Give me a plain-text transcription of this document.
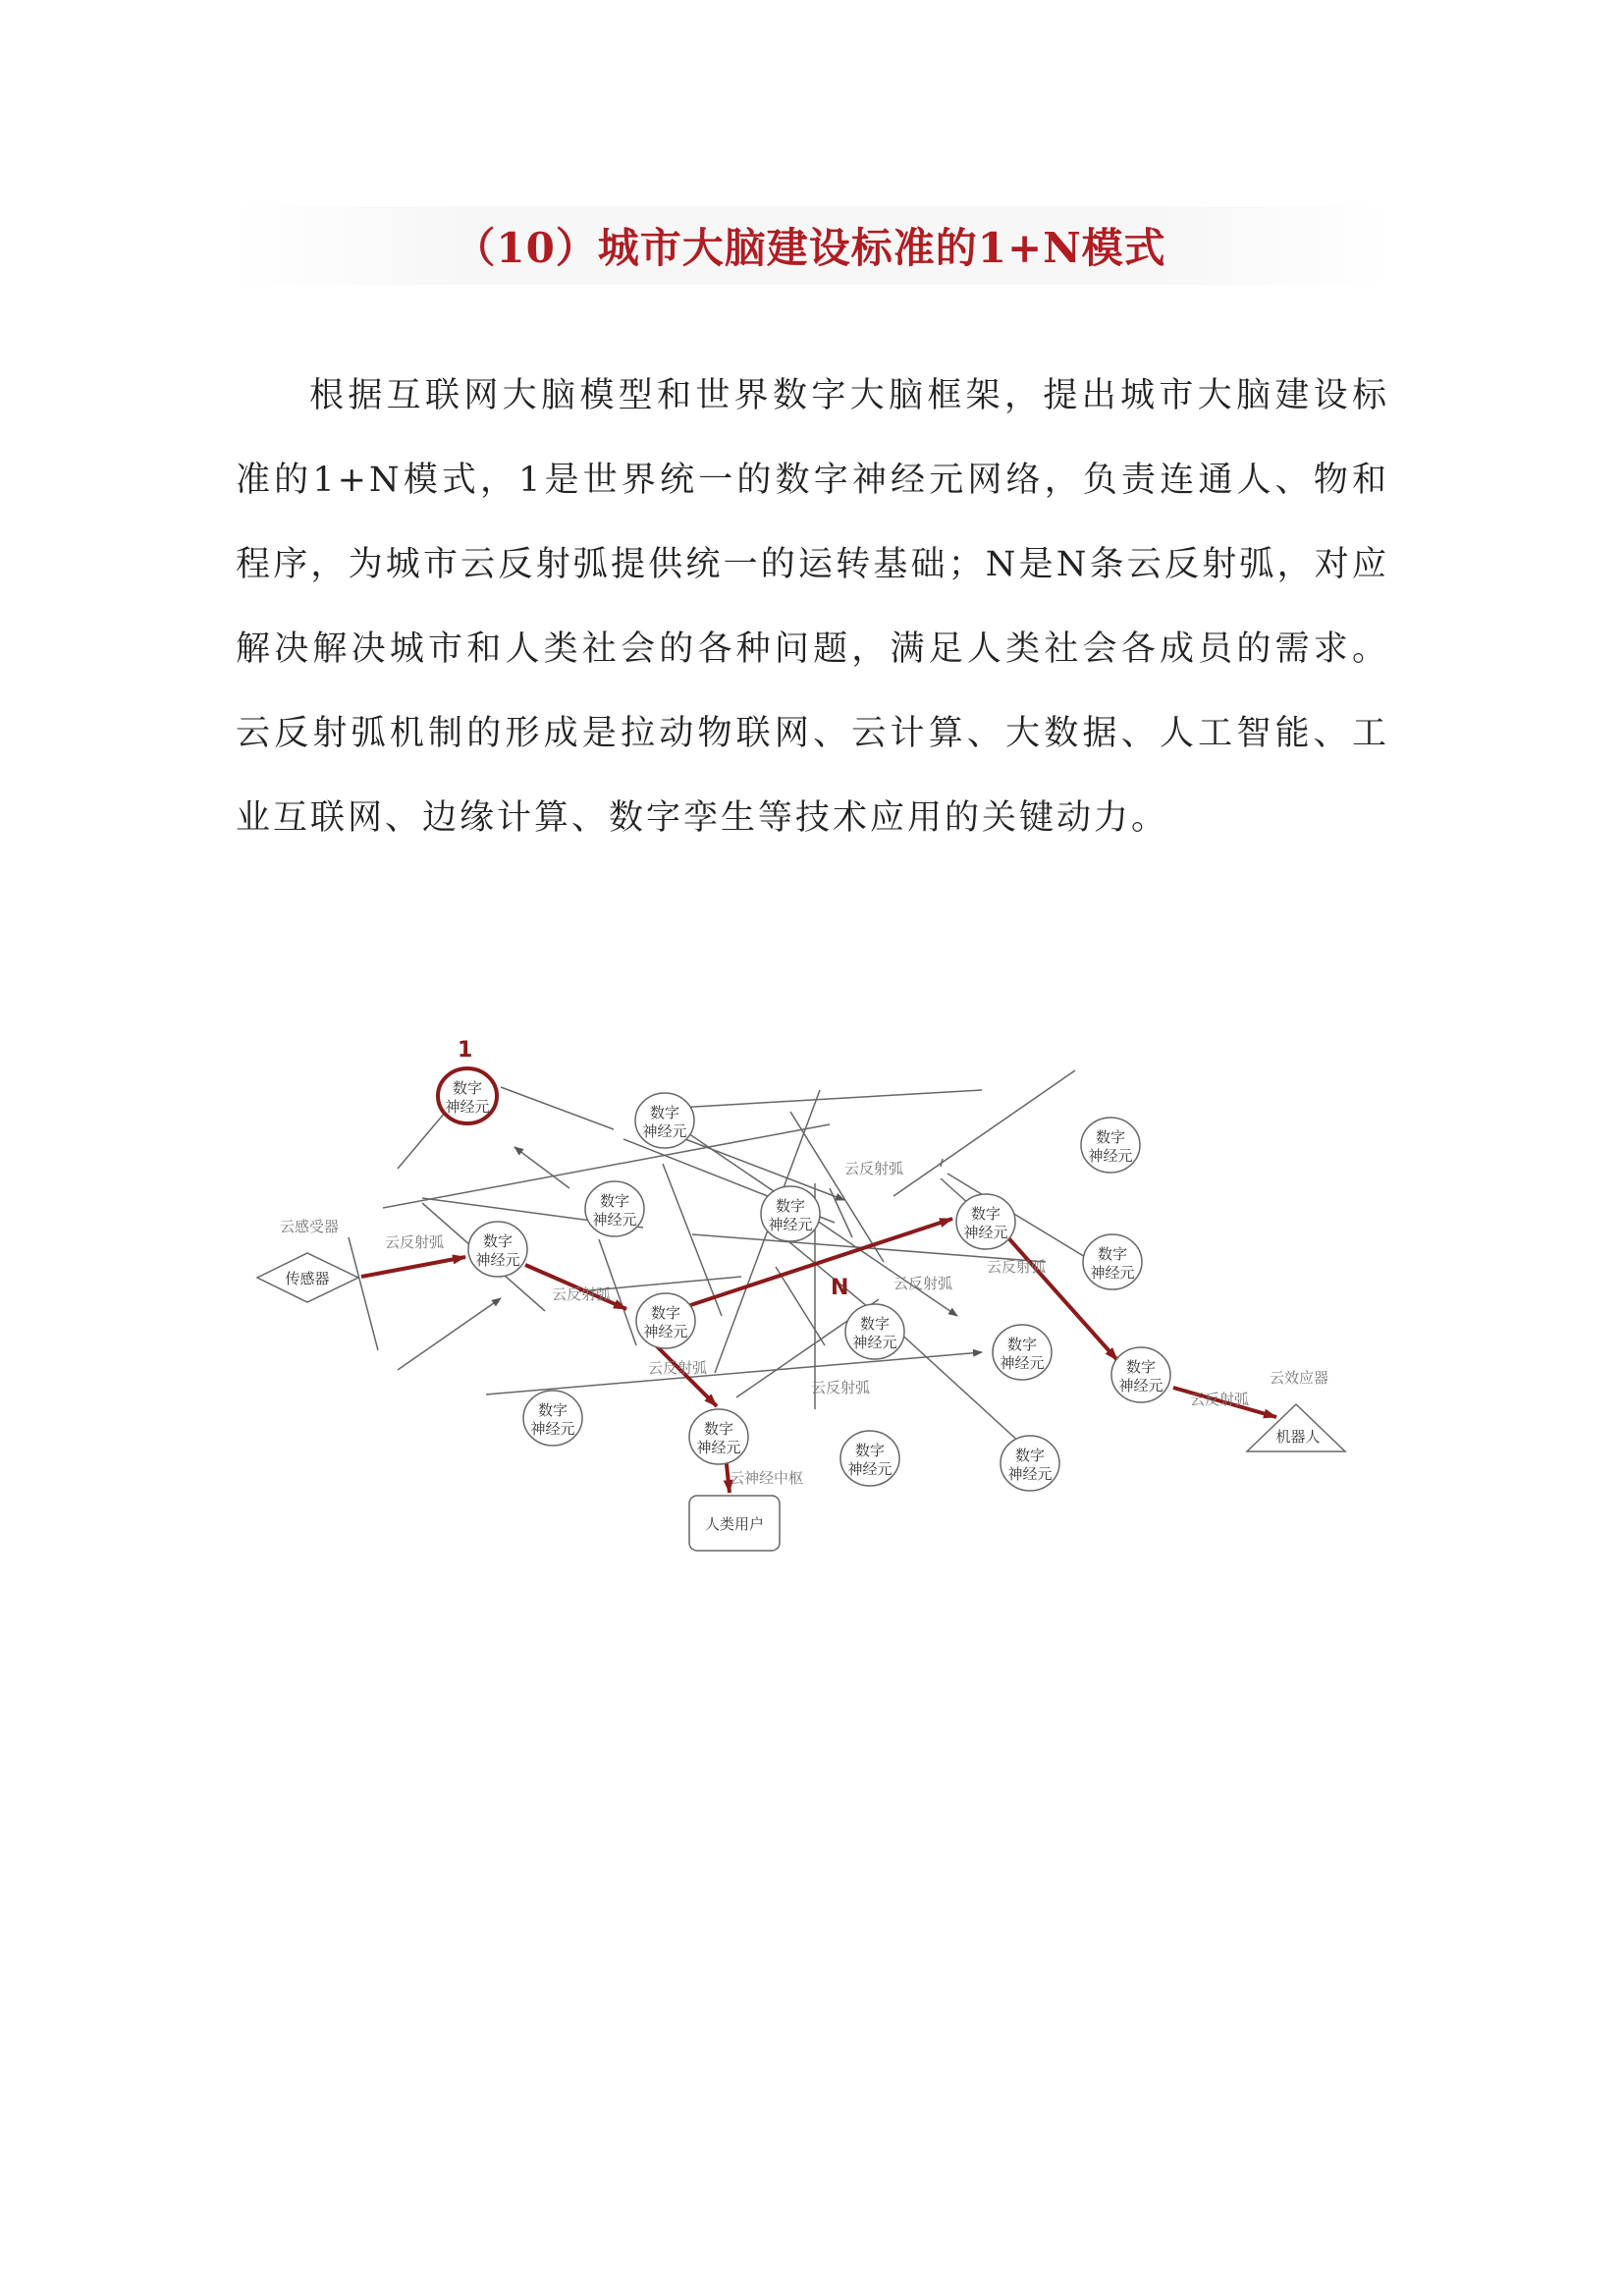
（10）城市大脑建设标准的1+N模式

根据互联网大脑模型和世界数字大脑框架，提出城市大脑建设标准的1+N模式，1是世界统一的数字神经元网络，负责连通人、物和程序，为城市云反射弧提供统一的运转基础；N是N条云反射弧，对应解决解决城市和人类社会的各种问题，满足人类社会各成员的需求。云反射弧机制的形成是拉动物联网、云计算、大数据、人工智能、工业互联网、边缘计算、数字孪生等技术应用的关键动力。

数字
神经元	数字
神经元	数字
神经元
数字
神经元
数字
神经元
数字
神经元
数字
神经元
数字
神经元
数字
神经元	数字
神经元	数字
神经元	数字
神经元
数字
神经元	数字
神经元	数字
神经元
数字
神经元
1
N
传感器
云感受器
机器人
云效应器
人类用户
云神经中枢
云反射弧
云反射弧
云反射弧
云反射弧
云反射弧
云反射弧
云反射弧
云反射弧
